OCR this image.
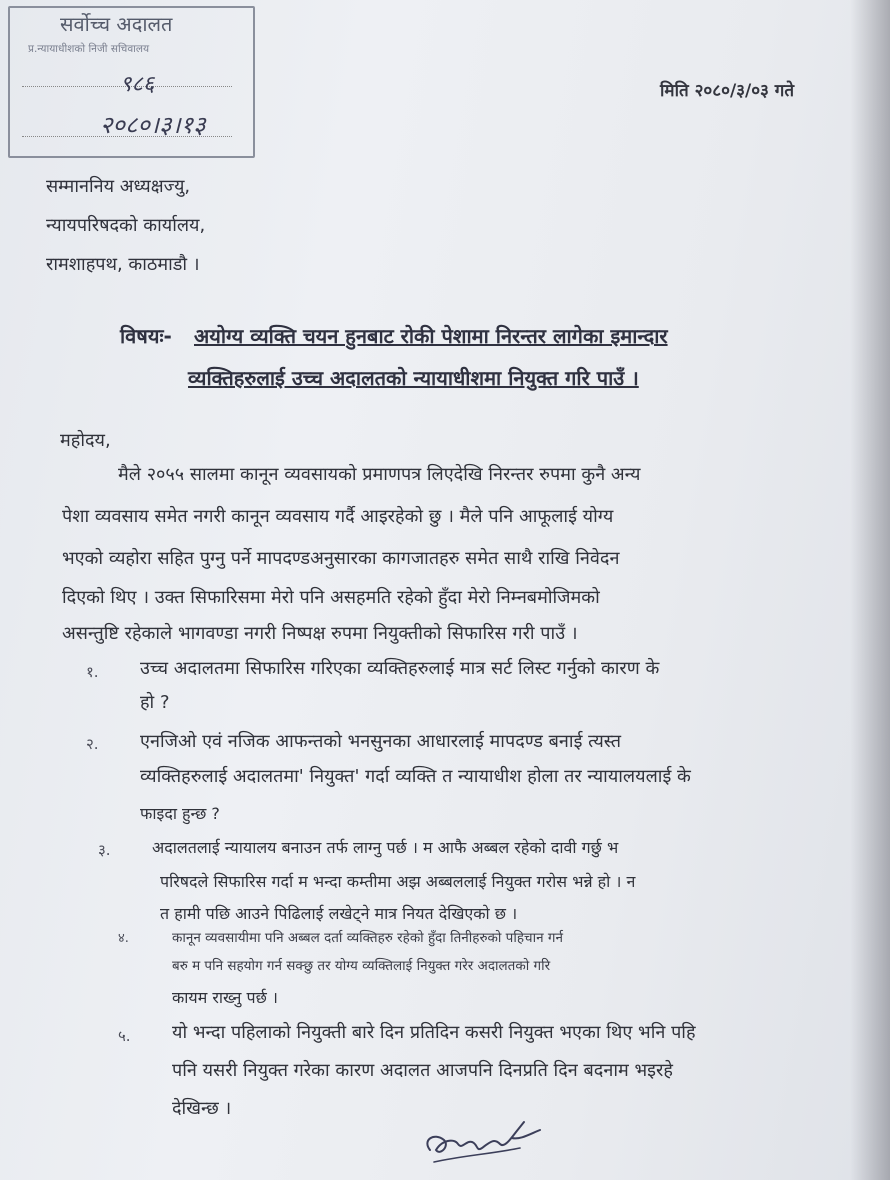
सर्वोच्च अदालत
प्र.न्यायाधीशको निजी सचिवालय
९८६
२०८०।३।१३
मिति २०८०/३/०३ गते
सम्माननिय अध्यक्षज्यु,
न्यायपरिषदको कार्यालय,
रामशाहपथ, काठमाडौ ।
विषयः- अयोग्य व्यक्ति चयन हुनबाट रोकी पेशामा निरन्तर लागेका इमान्दार
व्यक्तिहरुलाई उच्च अदालतको न्यायाधीशमा नियुक्त गरि पाउँ ।
महोदय,
मैले २०५५ सालमा कानून व्यवसायको प्रमाणपत्र लिएदेखि निरन्तर रुपमा कुनै अन्य
पेशा व्यवसाय समेत नगरी कानून व्यवसाय गर्दै आइरहेको छु । मैले पनि आफूलाई योग्य
भएको व्यहोरा सहित पुग्नु पर्ने मापदण्डअनुसारका कागजातहरु समेत साथै राखि निवेदन
दिएको थिए । उक्त सिफारिसमा मेरो पनि असहमति रहेको हुँदा मेरो निम्नबमोजिमको
असन्तुष्टि रहेकाले भागवण्डा नगरी निष्पक्ष रुपमा नियुक्तीको सिफारिस गरी पाउँ ।
१. उच्च अदालतमा सिफारिस गरिएका व्यक्तिहरुलाई मात्र सर्ट लिस्ट गर्नुको कारण के
हो ?
२. एनजिओ एवं नजिक आफन्तको भनसुनका आधारलाई मापदण्ड बनाई त्यस्त
व्यक्तिहरुलाई अदालतमा' नियुक्त' गर्दा व्यक्ति त न्यायाधीश होला तर न्यायालयलाई के
फाइदा हुन्छ ?
३.	अदालतलाई न्यायालय बनाउन तर्फ लाग्नु पर्छ । म आफै अब्बल रहेको दावी गर्छु भ
परिषदले सिफारिस गर्दा म भन्दा कम्तीमा अझ अब्बललाई नियुक्त गरोस भन्ने हो । न
त हामी पछि आउने पिढिलाई लखेट्ने मात्र नियत देखिएको छ ।
४.	कानून व्यवसायीमा पनि अब्बल दर्ता व्यक्तिहरु रहेको हुँदा तिनीहरुको पहिचान गर्न
बरु म पनि सहयोग गर्न सक्छु तर योग्य व्यक्तिलाई नियुक्त गरेर अदालतको गरि
कायम राख्नु पर्छ ।
५. यो भन्दा पहिलाको नियुक्ती बारे दिन प्रतिदिन कसरी नियुक्त भएका थिए भनि पहि
पनि यसरी नियुक्त गरेका कारण अदालत आजपनि दिनप्रति दिन बदनाम भइरहे
देखिन्छ ।
